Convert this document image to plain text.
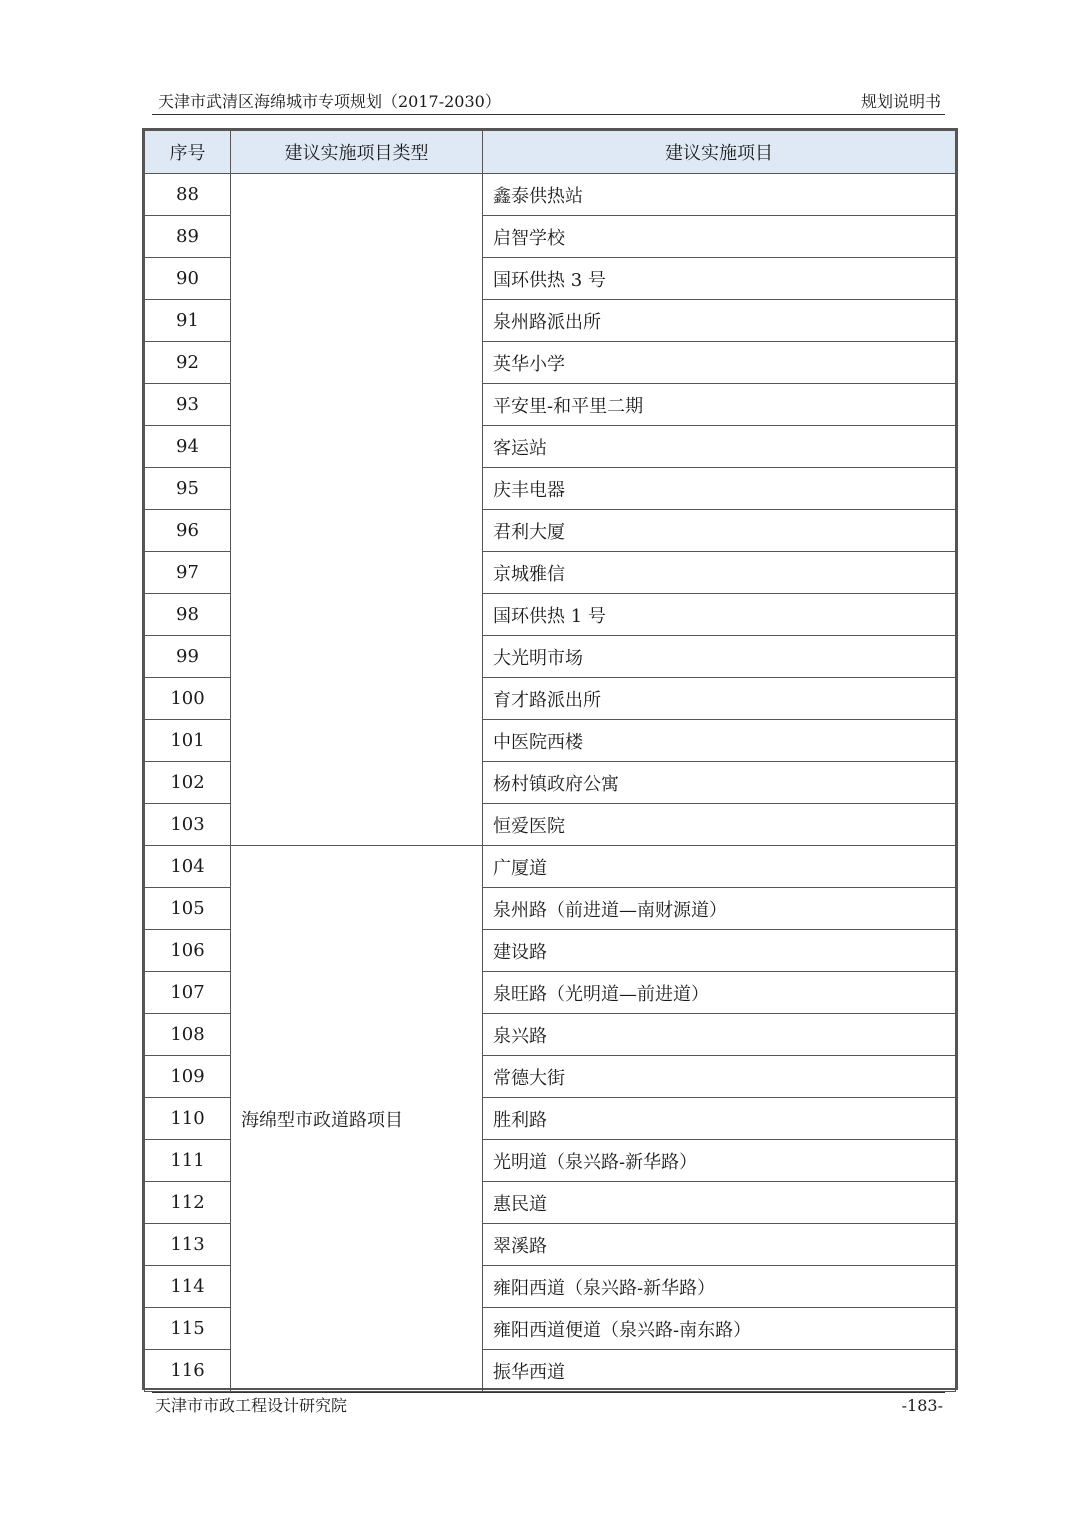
天津市武清区海绵城市专项规划（2017-2030）	规划说明书
序号	建议实施项目类型	建议实施项目
88		鑫泰供热站
89		启智学校
90		国环供热 3 号
91		泉州路派出所
92		英华小学
93		平安里-和平里二期
94		客运站
95		庆丰电器
96		君利大厦
97		京城雅信
98		国环供热 1 号
99		大光明市场
100		育才路派出所
101		中医院西楼
102		杨村镇政府公寓
103		恒爱医院
104	海绵型市政道路项目	广厦道
105		泉州路（前进道—南财源道）
106		建设路
107		泉旺路（光明道—前进道）
108		泉兴路
109		常德大街
110		胜利路
111		光明道（泉兴路-新华路）
112		惠民道
113		翠溪路
114		雍阳西道（泉兴路-新华路）
115		雍阳西道便道（泉兴路-南东路）
116		振华西道
天津市市政工程设计研究院	-183-
